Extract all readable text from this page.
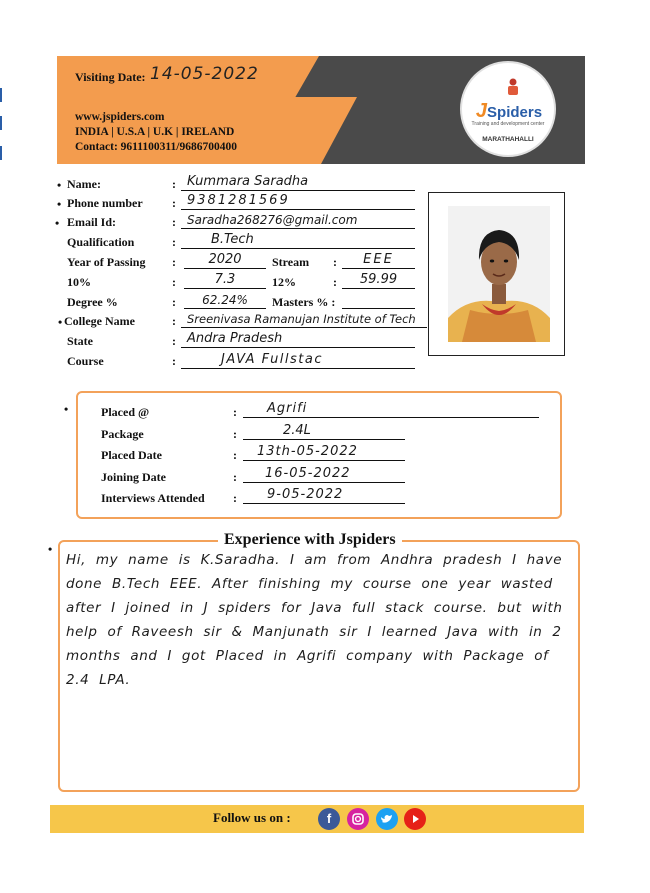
Visiting Date: 14-05-2022
www.jspiders.com
INDIA | U.S.A | U.K | IRELAND
Contact: 9611100311/9686700400
JSpiders
Training and development center
MARATHAHALLI
• Name:	: Kummara Saradha
• Phone number : 9381281569
• Email Id:	: Saradha268276@gmail.com
Qualification	:	B.Tech
Year of Passing :	2020	Stream :	EEE
10%	:	7.3	12%	:	59.99
Degree %	:	62.24%	Masters % :
• College Name	: Sreenivasa Ramanujan Institute of Tech
State	: Andra Pradesh
Course	:	JAVA Fullstac
•	Placed @	:	Agrifi
Package	:	2.4L
Placed Date	:	13th-05-2022
Joining Date	:	16-05-2022
Interviews Attended :	9-05-2022
Experience with Jspiders
•
Hi, my name is K.Saradha. I am from Andhra pradesh I have done B.Tech EEE. After finishing my course one year wasted after I joined in J spiders for Java full stack course. but with help of Raveesh sir & Manjunath sir I learned Java with in 2 months and I got Placed in Agrifi company with Package of 2.4 LPA.
Follow us on :	f
